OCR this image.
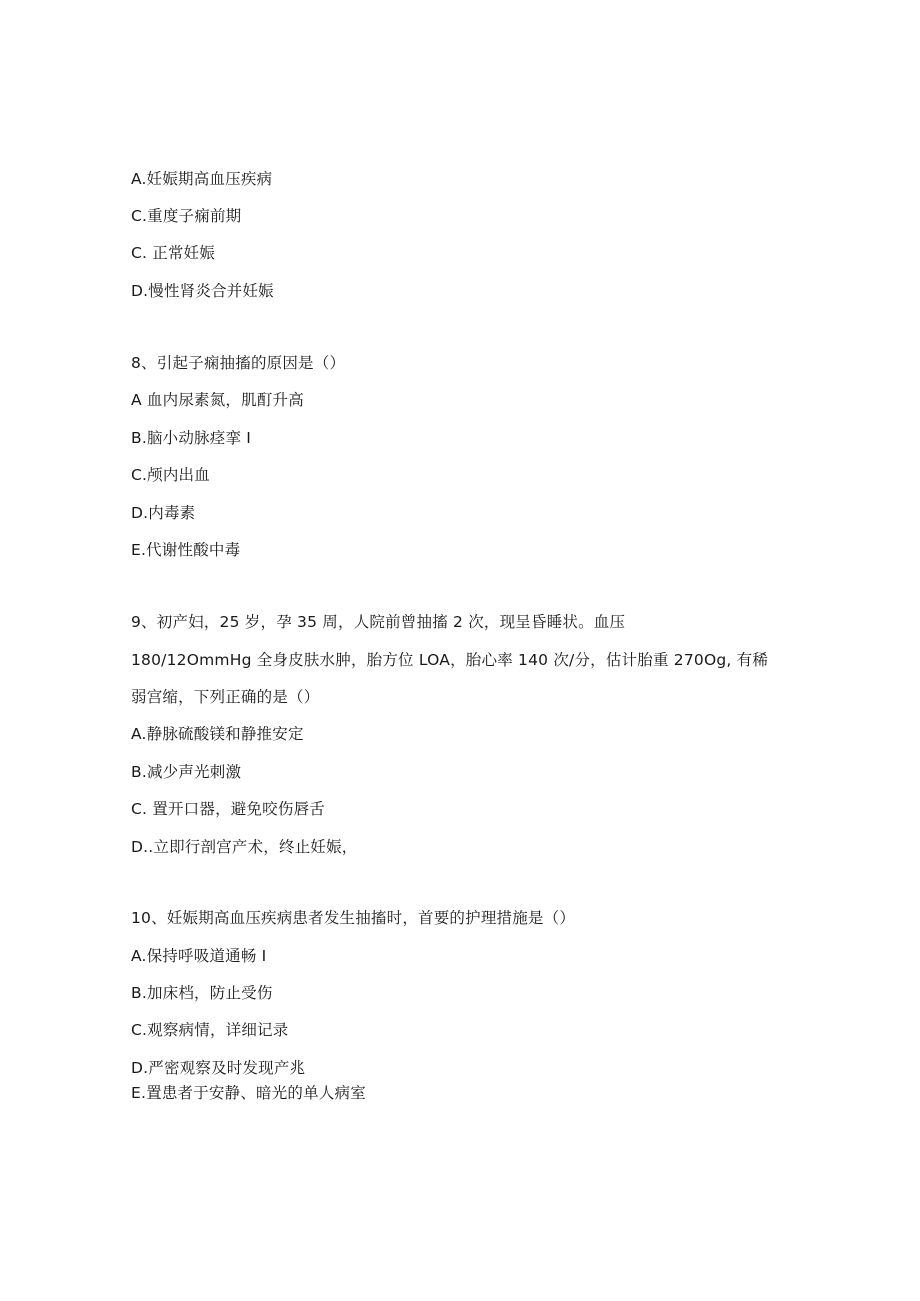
A.妊娠期高血压疾病
C.重度子痫前期
C. 正常妊娠
D.慢性肾炎合并妊娠
8、引起子痫抽搐的原因是（）
A 血内尿素氮，肌酊升高
B.脑小动脉痉挛 I
C.颅内出血
D.内毒素
E.代谢性酸中毒
9、初产妇，25 岁，孕 35 周，人院前曾抽搐 2 次，现呈昏睡状。血压
180/12OmmHg 全身皮肤水肿，胎方位 LOA，胎心率 140 次/分，估计胎重 270Og, 有稀
弱宫缩，下列正确的是（）
A.静脉硫酸镁和静推安定
B.减少声光刺激
C. 置开口器，避免咬伤唇舌
D..立即行剖宫产术，终止妊娠，
10、妊娠期高血压疾病患者发生抽搐时，首要的护理措施是（）
A.保持呼吸道通畅 I
B.加床档，防止受伤
C.观察病情，详细记录
D.严密观察及时发现产兆
E.置患者于安静、暗光的单人病室
